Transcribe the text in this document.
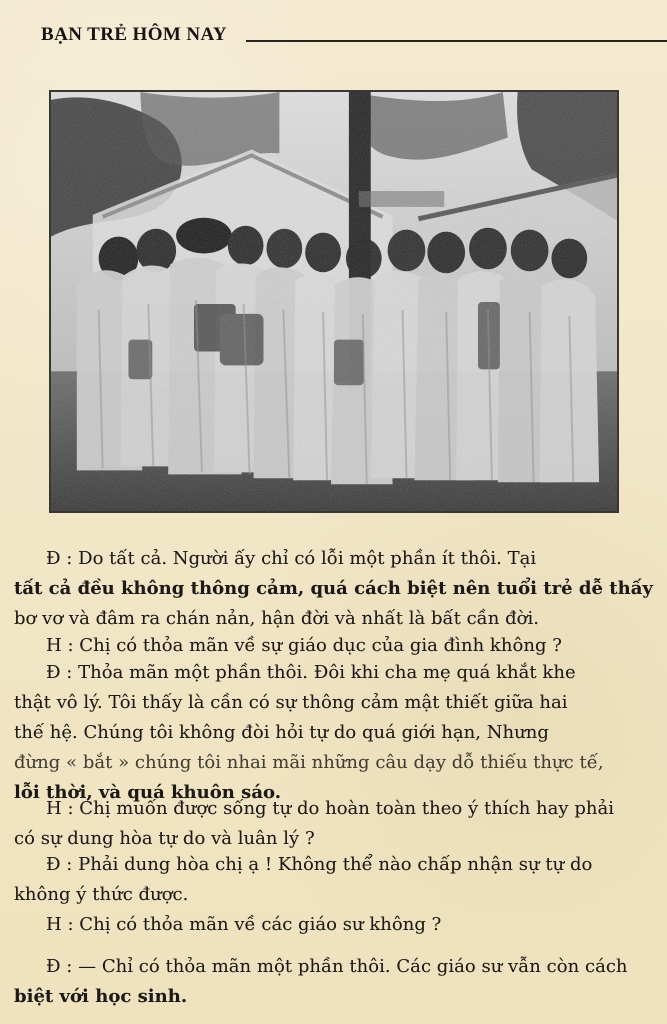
BẠN TRẺ HÔM NAY
Đ : Do tất cả. Người ấy chỉ có lỗi một phần ít thôi. Tại
tất cả đều không thông cảm, quá cách biệt nên tuổi trẻ dễ thấy
bơ vơ và đâm ra chán nản, hận đời và nhất là bất cần đời.
H : Chị có thỏa mãn về sự giáo dục của gia đình không ?
Đ : Thỏa mãn một phần thôi. Đôi khi cha mẹ quá khắt khe
thật vô lý. Tôi thấy là cần có sự thông cảm mật thiết giữa hai
thế hệ. Chúng tôi không đòi hỏi tự do quá giới hạn, Nhưng
đừng « bắt » chúng tôi nhai mãi những câu dạy dỗ thiếu thực tế,
lỗi thời, và quá khuôn sáo.
H : Chị muốn được sống tự do hoàn toàn theo ý thích hay phải
có sự dung hòa tự do và luân lý ?
Đ : Phải dung hòa chị ạ ! Không thể nào chấp nhận sự tự do
không ý thức được.
H : Chị có thỏa mãn về các giáo sư không ?
Đ : — Chỉ có thỏa mãn một phần thôi. Các giáo sư vẫn còn cách
biệt với học sinh.
